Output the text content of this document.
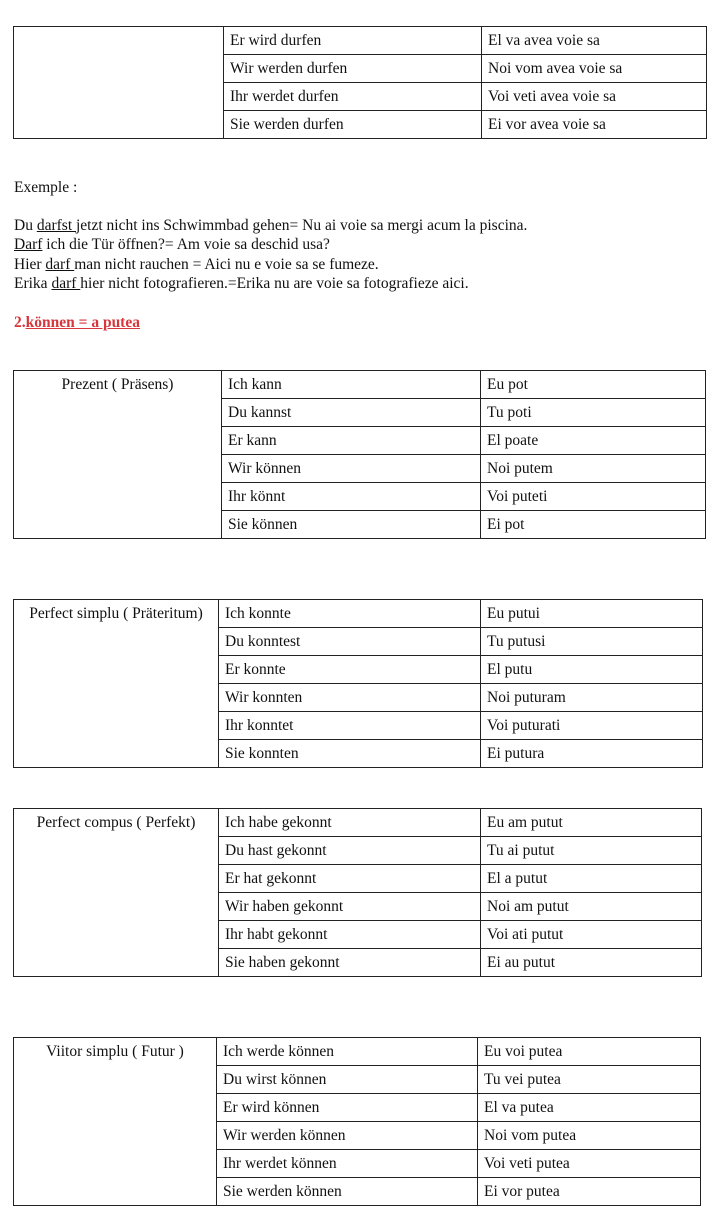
	Er wird durfen	El va avea voie sa
	Wir werden durfen	Noi vom avea voie sa
	Ihr werdet durfen	Voi veti avea voie sa
	Sie werden durfen	Ei vor avea voie sa

Exemple :

Du darfst jetzt nicht ins Schwimmbad gehen= Nu ai voie sa mergi acum la piscina.

Darf ich die Tür öffnen?= Am voie sa deschid usa?

Hier darf man nicht rauchen = Aici nu e voie sa se fumeze.

Erika darf hier nicht fotografieren.=Erika nu are voie sa fotografieze aici.

2.können = a putea

Prezent ( Präsens)	Ich kann	Eu pot
	Du kannst	Tu poti
	Er kann	El poate
	Wir können	Noi putem
	Ihr könnt	Voi puteti
	Sie können	Ei pot
Perfect simplu ( Präteritum)	Ich konnte	Eu putui
	Du konntest	Tu putusi
	Er konnte	El putu
	Wir konnten	Noi puturam
	Ihr konntet	Voi puturati
	Sie konnten	Ei putura
Perfect compus ( Perfekt)	Ich habe gekonnt	Eu am putut
	Du hast gekonnt	Tu ai putut
	Er hat gekonnt	El a putut
	Wir haben gekonnt	Noi am putut
	Ihr habt gekonnt	Voi ati putut
	Sie haben gekonnt	Ei au putut
Viitor simplu ( Futur )	Ich werde können	Eu voi putea
	Du wirst können	Tu vei putea
	Er wird können	El va putea
	Wir werden können	Noi vom putea
	Ihr werdet können	Voi veti putea
	Sie werden können	Ei vor putea
